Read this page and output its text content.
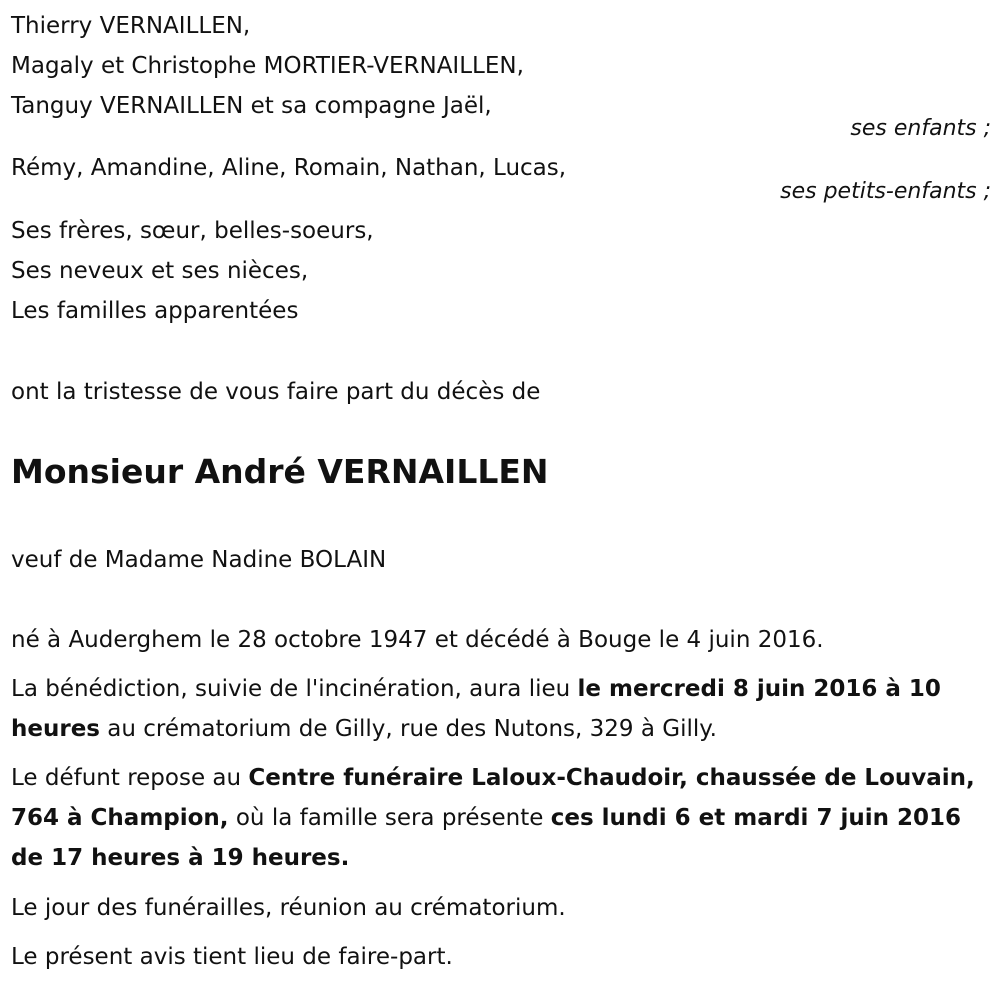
Thierry VERNAILLEN,
Magaly et Christophe MORTIER-VERNAILLEN,
Tanguy VERNAILLEN et sa compagne Jaël,
ses enfants ;
Rémy, Amandine, Aline, Romain, Nathan, Lucas,
ses petits-enfants ;
Ses frères, sœur, belles-soeurs,
Ses neveux et ses nièces,
Les familles apparentées
ont la tristesse de vous faire part du décès de
Monsieur André VERNAILLEN
veuf de Madame Nadine BOLAIN
né à Auderghem le 28 octobre 1947 et décédé à Bouge le 4 juin 2016.
La bénédiction, suivie de l'incinération, aura lieu le mercredi 8 juin 2016 à 10 heures au crématorium de Gilly, rue des Nutons, 329 à Gilly.
Le défunt repose au Centre funéraire Laloux-Chaudoir, chaussée de Louvain, 764 à Champion, où la famille sera présente ces lundi 6 et mardi 7 juin 2016 de 17 heures à 19 heures.
Le jour des funérailles, réunion au crématorium.
Le présent avis tient lieu de faire-part.
